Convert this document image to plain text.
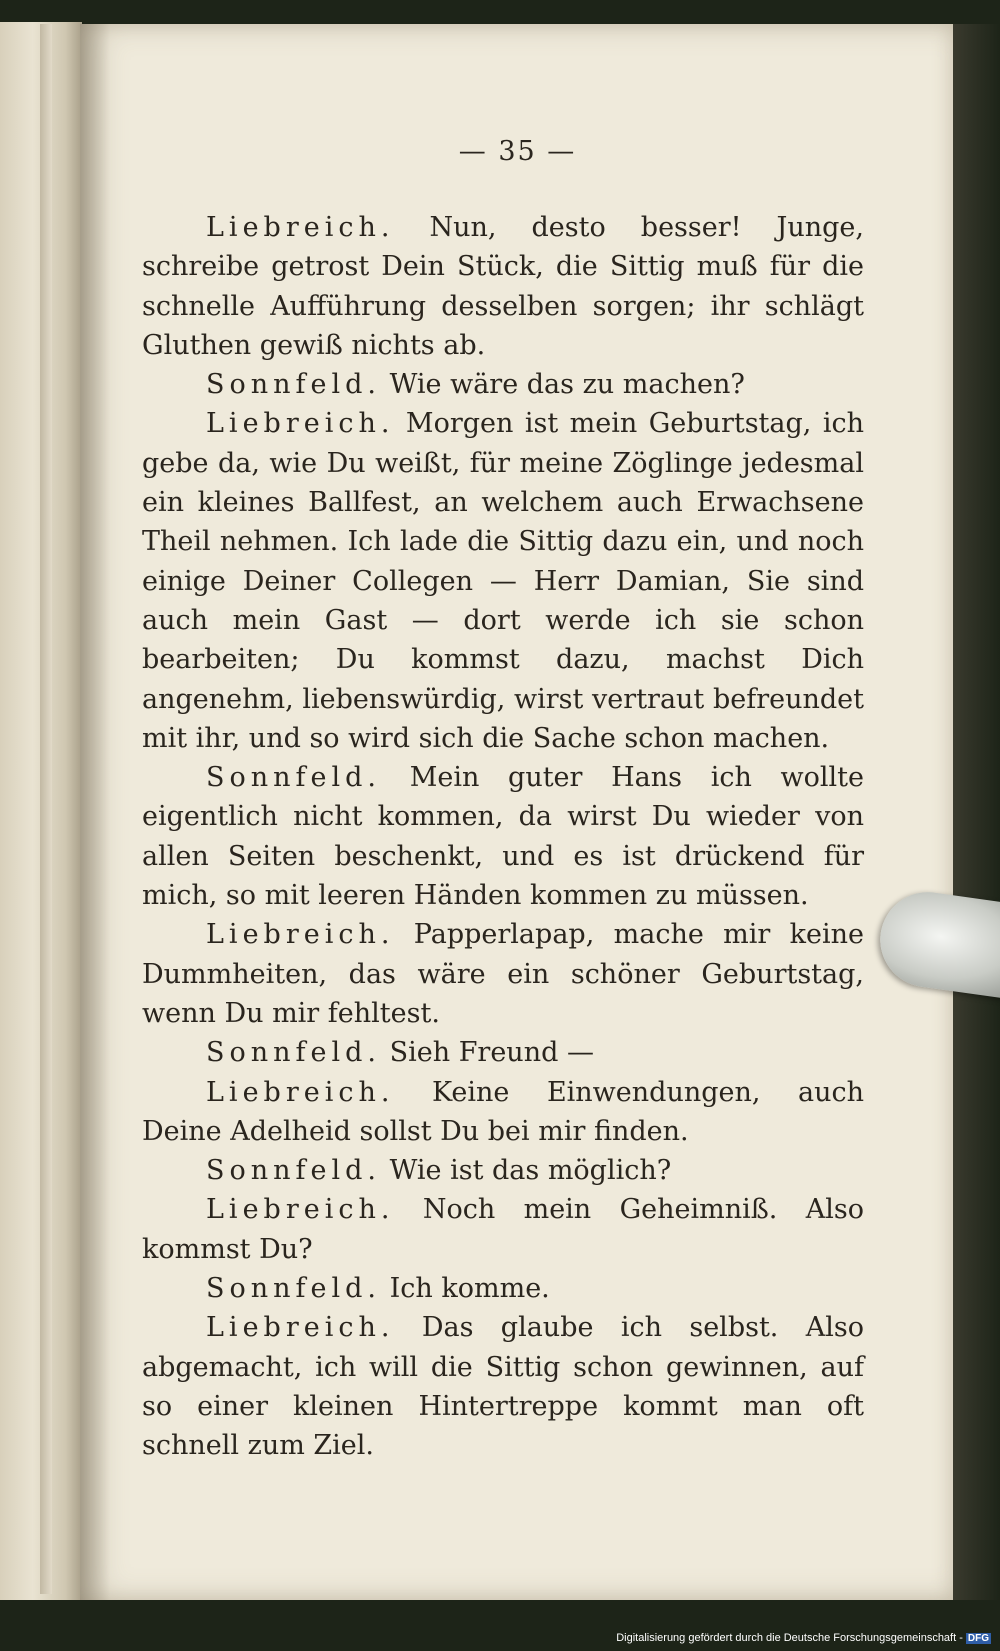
— 35 —

Liebreich. Nun, desto besser! Junge, schreibe getrost Dein Stück, die Sittig muß für die schnelle Aufführung desselben sorgen; ihr schlägt Gluthen gewiß nichts ab.

Sonnfeld. Wie wäre das zu machen?

Liebreich. Morgen ist mein Geburtstag, ich gebe da, wie Du weißt, für meine Zöglinge jedesmal ein kleines Ballfest, an welchem auch Erwachsene Theil nehmen. Ich lade die Sittig dazu ein, und noch einige Deiner Collegen — Herr Damian, Sie sind auch mein Gast — dort werde ich sie schon bearbeiten; Du kommst dazu, machst Dich angenehm, liebenswürdig, wirst vertraut befreundet mit ihr, und so wird sich die Sache schon machen.

Sonnfeld. Mein guter Hans ich wollte eigentlich nicht kommen, da wirst Du wieder von allen Seiten beschenkt, und es ist drückend für mich, so mit leeren Händen kommen zu müssen.

Liebreich. Papperlapap, mache mir keine Dummheiten, das wäre ein schöner Geburtstag, wenn Du mir fehltest.

Sonnfeld. Sieh Freund —

Liebreich. Keine Einwendungen, auch Deine Adelheid sollst Du bei mir finden.

Sonnfeld. Wie ist das möglich?

Liebreich. Noch mein Geheimniß. Also kommst Du?

Sonnfeld. Ich komme.

Liebreich. Das glaube ich selbst. Also abgemacht, ich will die Sittig schon gewinnen, auf so einer kleinen Hintertreppe kommt man oft schnell zum Ziel.

Digitalisierung gefördert durch die Deutsche Forschungsgemeinschaft - DFG
